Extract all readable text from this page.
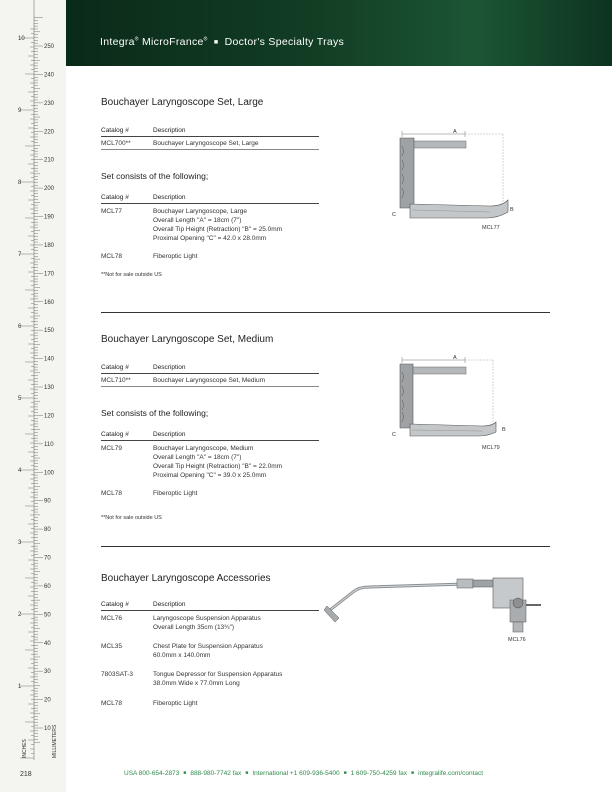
250
240
230
220
210
200
190
180
170
160
150
140
130
120
110
100
90
80
70
60
50
40
30
20
10
10
9
8
7
6
5
4
3
2
1
INCHES	MILLIMETERS
Integra® MicroFrance® ■ Doctor's Specialty Trays
Bouchayer Laryngoscope Set, Large
Catalog #	Description
MCL700**	Bouchayer Laryngoscope Set, Large
Set consists of the following;
Catalog #	Description
MCL77	Bouchayer Laryngoscope, Large
Overall Length "A" = 18cm (7")
Overall Tip Height (Retraction) "B" = 25.0mm
Proximal Opening "C" = 42.0 x 28.0mm
MCL78	Fiberoptic Light
**Not for sale outside US
A
B
C
MCL77
Bouchayer Laryngoscope Set, Medium
Catalog #	Description
MCL710**	Bouchayer Laryngoscope Set, Medium
Set consists of the following;
Catalog #	Description
MCL79	Bouchayer Laryngoscope, Medium
Overall Length "A" = 18cm (7")
Overall Tip Height (Retraction) "B" = 22.0mm
Proximal Opening "C" = 39.0 x 25.0mm
MCL78	Fiberoptic Light
**Not for sale outside US
A
B
C
MCL79
Bouchayer Laryngoscope Accessories
Catalog #	Description
MCL76	Laryngoscope Suspension Apparatus
Overall Length 35cm (13¾")
MCL35	Chest Plate for Suspension Apparatus
60.0mm x 140.0mm
7803SAT-3	Tongue Depressor for Suspension Apparatus
38.0mm Wide x 77.0mm Long
MCL78	Fiberoptic Light
MCL76
218	USA 800-654-2873 ■ 888-980-7742 fax ■ International +1 609-936-5400 ■ 1 609-750-4259 fax ■ integralife.com/contact
